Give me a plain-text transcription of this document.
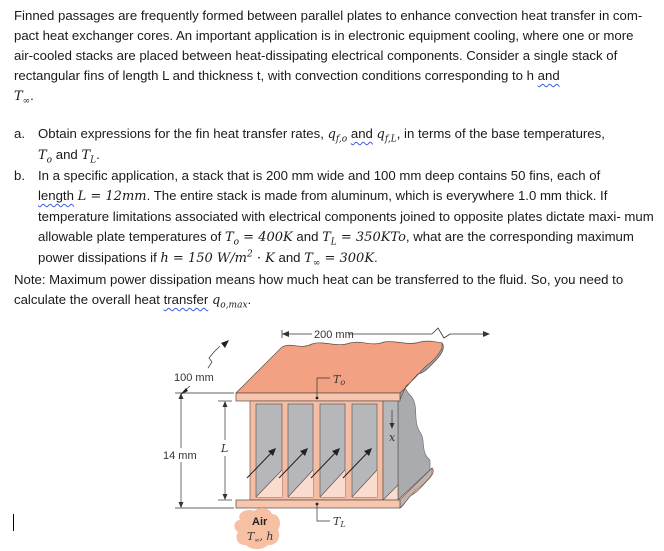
Finned passages are frequently formed between parallel plates to enhance convection heat transfer in com- pact heat exchanger cores. An important application is in electronic equipment cooling, where one or more air-cooled stacks are placed between heat-dissipating electrical components. Consider a single stack of rectangular fins of length L and thickness t, with convection conditions corresponding to h and
$T_\infty$.
a. Obtain expressions for the fin heat transfer rates, $q_{f,o}$ and $q_{f,L}$, in terms of the base temperatures,
$T_o$ and $T_L$.
b. In a specific application, a stack that is 200 mm wide and 100 mm deep contains 50 fins, each of
length L = 12mm. The entire stack is made from aluminum, which is everywhere 1.0 mm thick. If temperature limitations associated with electrical components joined to opposite plates dictate maxi- mum allowable plate temperatures of $T_o = 400K$ and $T_L = 350KTo$, what are the corresponding maximum power dissipations if h = 150 $W/m^2 \cdot K$ and $T_\infty = 300K$.
Note: Maximum power dissipation means how much heat can be transferred to the fluid. So, you need to calculate the overall heat transfer $q_{o,max}$.
200 mm
To
TL
x
14 mm
L
100 mm
Air
T∞, h
